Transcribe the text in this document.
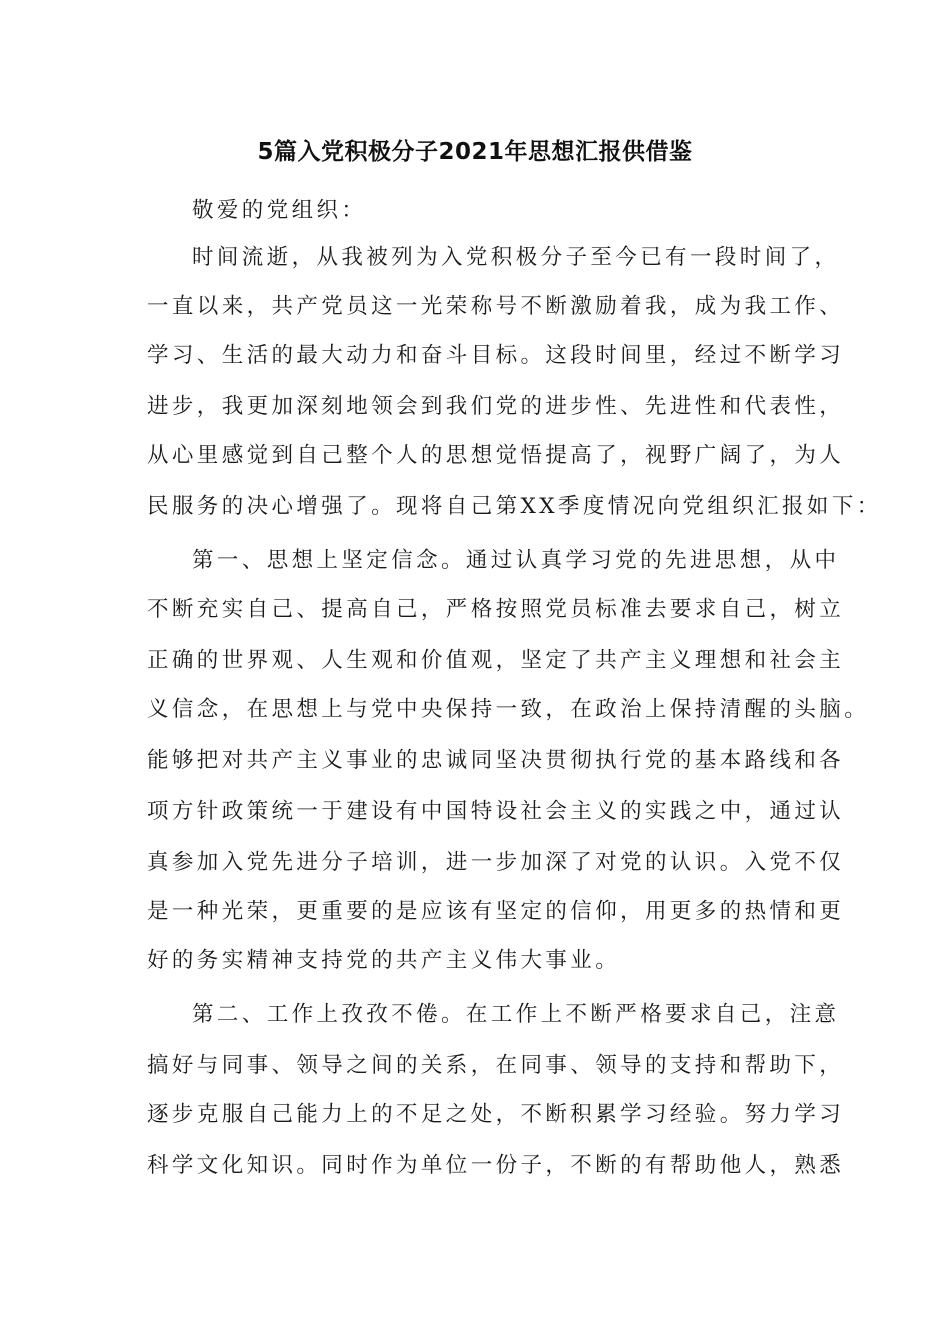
5篇入党积极分子2021年思想汇报供借鉴
敬爱的党组织：
时间流逝，从我被列为入党积极分子至今已有一段时间了，
一直以来，共产党员这一光荣称号不断激励着我，成为我工作、
学习、生活的最大动力和奋斗目标。这段时间里，经过不断学习
进步，我更加深刻地领会到我们党的进步性、先进性和代表性，
从心里感觉到自己整个人的思想觉悟提高了，视野广阔了，为人
民服务的决心增强了。现将自己第XX季度情况向党组织汇报如下：
第一、思想上坚定信念。通过认真学习党的先进思想，从中
不断充实自己、提高自己，严格按照党员标准去要求自己，树立
正确的世界观、人生观和价值观，坚定了共产主义理想和社会主
义信念，在思想上与党中央保持一致，在政治上保持清醒的头脑。
能够把对共产主义事业的忠诚同坚决贯彻执行党的基本路线和各
项方针政策统一于建设有中国特设社会主义的实践之中，通过认
真参加入党先进分子培训，进一步加深了对党的认识。入党不仅
是一种光荣，更重要的是应该有坚定的信仰，用更多的热情和更
好的务实精神支持党的共产主义伟大事业。
第二、工作上孜孜不倦。在工作上不断严格要求自己，注意
搞好与同事、领导之间的关系，在同事、领导的支持和帮助下，
逐步克服自己能力上的不足之处，不断积累学习经验。努力学习
科学文化知识。同时作为单位一份子，不断的有帮助他人，熟悉
